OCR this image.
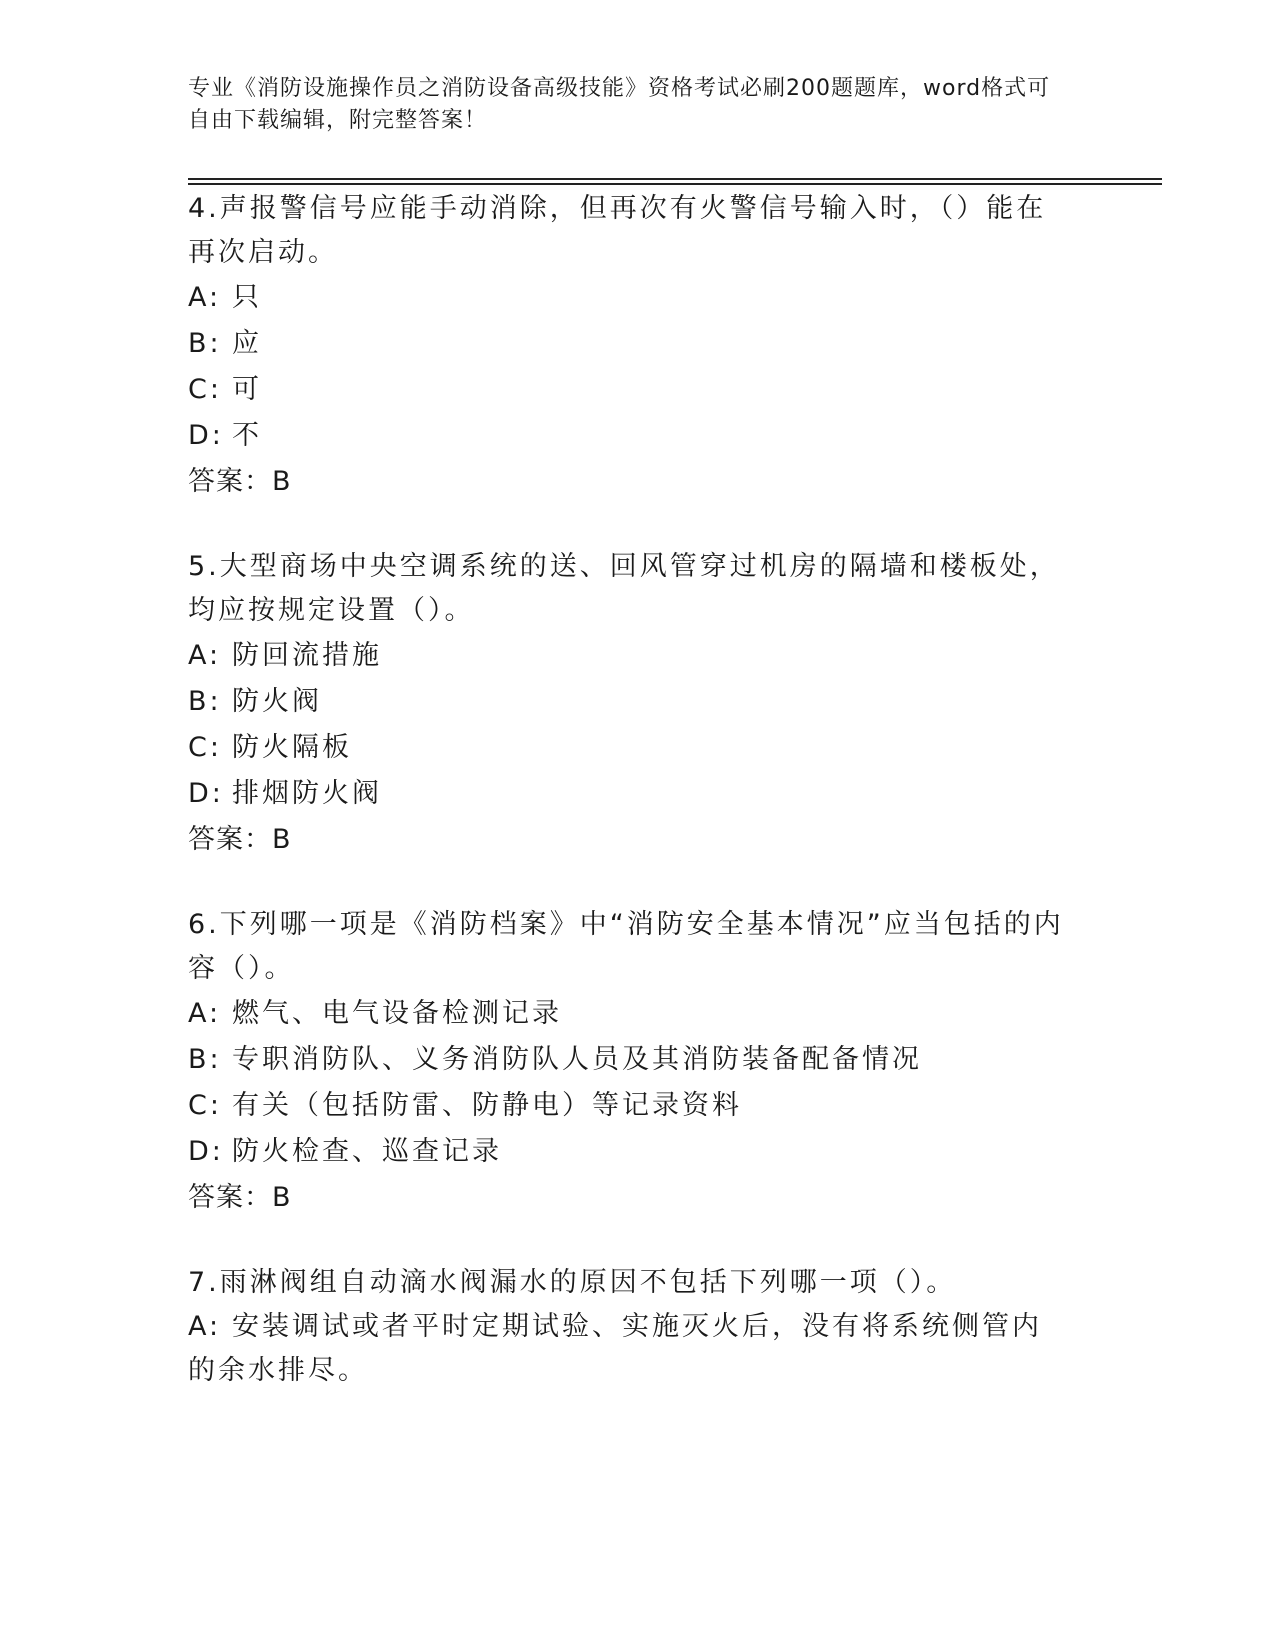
专业《消防设施操作员之消防设备高级技能》资格考试必刷200题题库，word格式可自由下载编辑，附完整答案！
4.声报警信号应能手动消除，但再次有火警信号输入时，（）能在再次启动。
A: 只
B: 应
C: 可
D: 不
答案：B
5.大型商场中央空调系统的送、回风管穿过机房的隔墙和楼板处，均应按规定设置（）。
A: 防回流措施
B: 防火阀
C: 防火隔板
D: 排烟防火阀
答案：B
6.下列哪一项是《消防档案》中“消防安全基本情况”应当包括的内容（）。
A: 燃气、电气设备检测记录
B: 专职消防队、义务消防队人员及其消防装备配备情况
C: 有关（包括防雷、防静电）等记录资料
D: 防火检查、巡查记录
答案：B
7.雨淋阀组自动滴水阀漏水的原因不包括下列哪一项（）。
A: 安装调试或者平时定期试验、实施灭火后，没有将系统侧管内的余水排尽。
